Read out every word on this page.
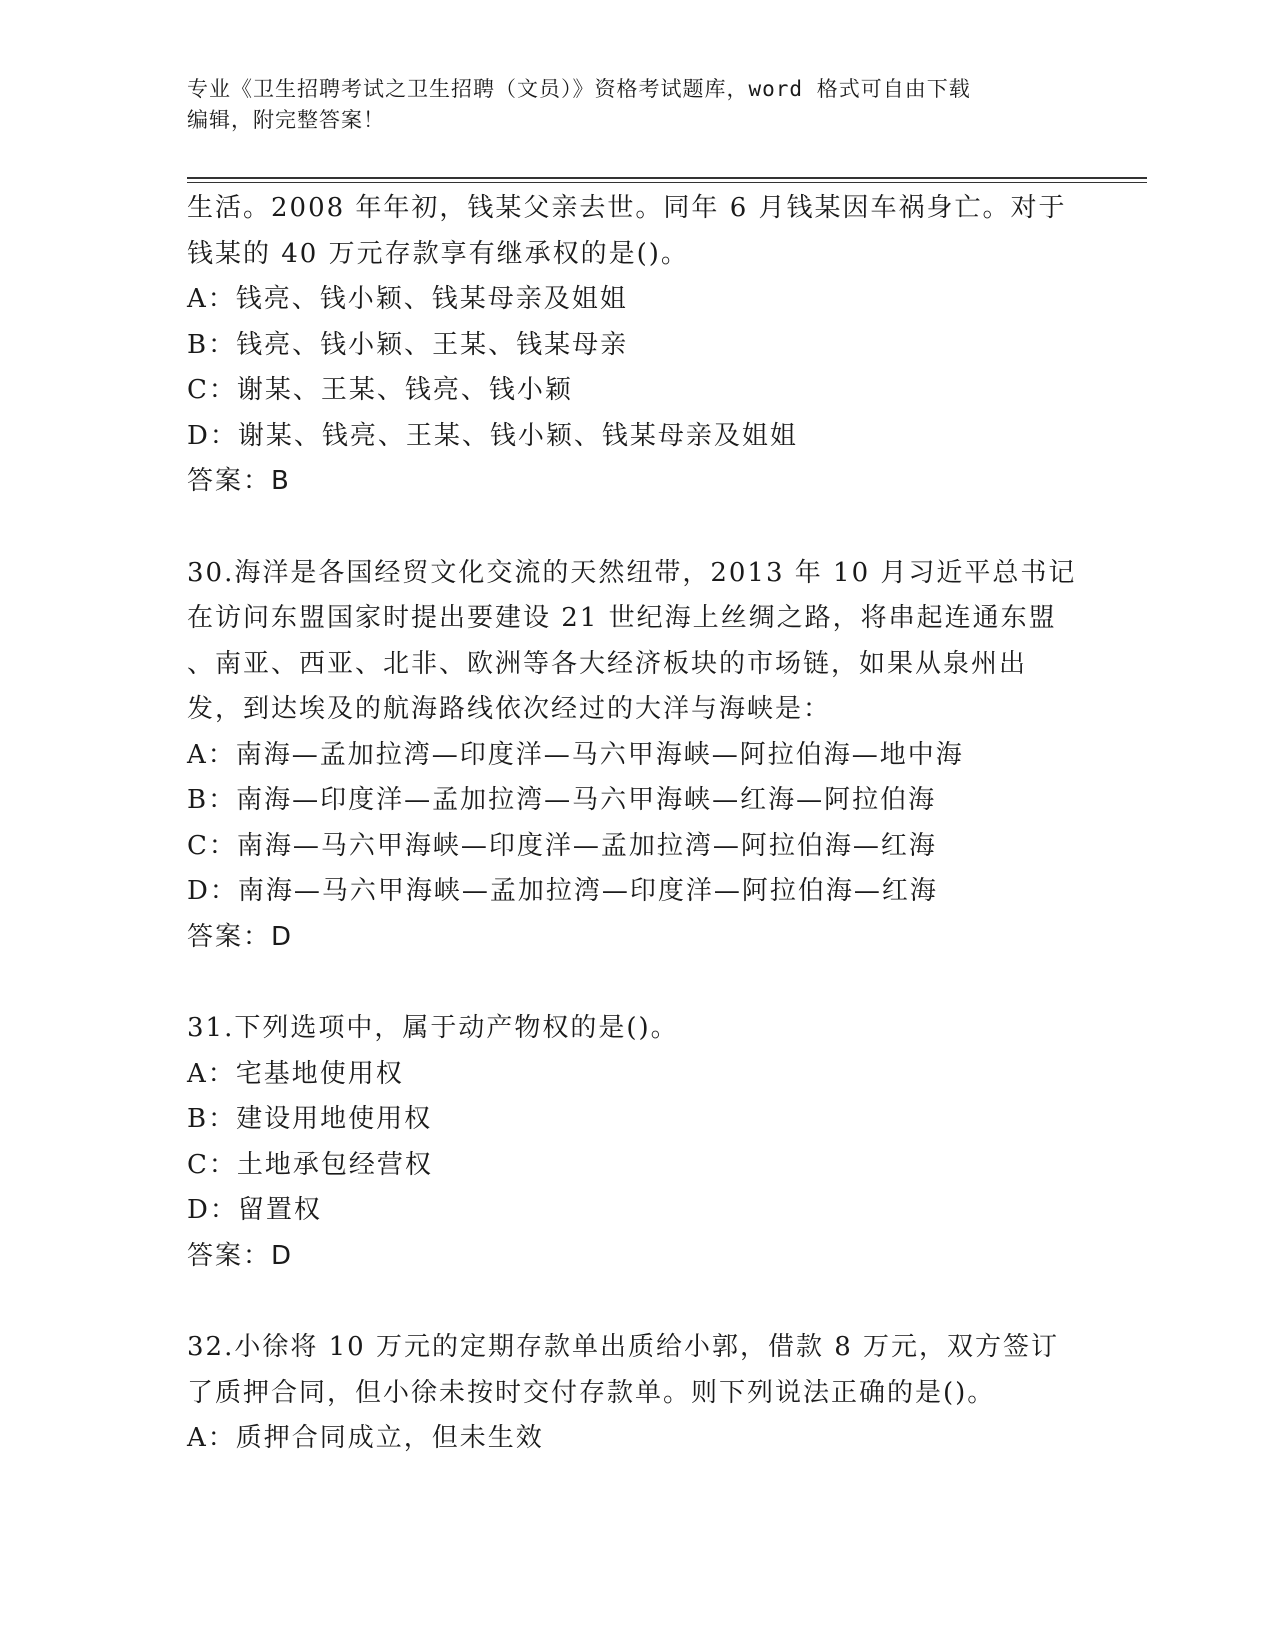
专业《卫生招聘考试之卫生招聘（文员）》资格考试题库，word 格式可自由下载
编辑，附完整答案！
生活。2008 年年初，钱某父亲去世。同年 6 月钱某因车祸身亡。对于
钱某的 40 万元存款享有继承权的是()。
A：钱亮、钱小颖、钱某母亲及姐姐
B：钱亮、钱小颖、王某、钱某母亲
C：谢某、王某、钱亮、钱小颖
D：谢某、钱亮、王某、钱小颖、钱某母亲及姐姐
答案：B
30.海洋是各国经贸文化交流的天然纽带，2013 年 10 月习近平总书记
在访问东盟国家时提出要建设 21 世纪海上丝绸之路，将串起连通东盟
、南亚、西亚、北非、欧洲等各大经济板块的市场链，如果从泉州出
发，到达埃及的航海路线依次经过的大洋与海峡是：
A：南海—孟加拉湾—印度洋—马六甲海峡—阿拉伯海—地中海
B：南海—印度洋—孟加拉湾—马六甲海峡—红海—阿拉伯海
C：南海—马六甲海峡—印度洋—孟加拉湾—阿拉伯海—红海
D：南海—马六甲海峡—孟加拉湾—印度洋—阿拉伯海—红海
答案：D
31.下列选项中，属于动产物权的是()。
A：宅基地使用权
B：建设用地使用权
C：土地承包经营权
D：留置权
答案：D
32.小徐将 10 万元的定期存款单出质给小郭，借款 8 万元，双方签订
了质押合同，但小徐未按时交付存款单。则下列说法正确的是()。
A：质押合同成立，但未生效
